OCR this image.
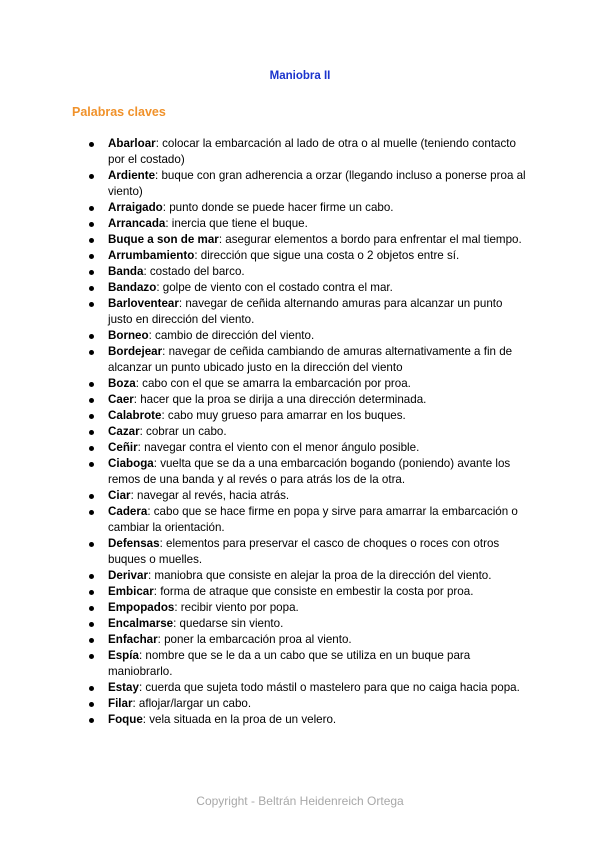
Maniobra II
Palabras claves
Abarloar: colocar la embarcación al lado de otra o al muelle (teniendo contacto por el costado)
Ardiente: buque con gran adherencia a orzar (llegando incluso a ponerse proa al viento)
Arraigado: punto donde se puede hacer firme un cabo.
Arrancada: inercia que tiene el buque.
Buque a son de mar: asegurar elementos a bordo para enfrentar el mal tiempo.
Arrumbamiento: dirección que sigue una costa o 2 objetos entre sí.
Banda: costado del barco.
Bandazo: golpe de viento con el costado contra el mar.
Barloventear: navegar de ceñida alternando amuras para alcanzar un punto justo en dirección del viento.
Borneo: cambio de dirección del viento.
Bordejear: navegar de ceñida cambiando de amuras alternativamente a fin de alcanzar un punto ubicado justo en la dirección del viento
Boza: cabo con el que se amarra la embarcación por proa.
Caer: hacer que la proa se dirija a una dirección determinada.
Calabrote: cabo muy grueso para amarrar en los buques.
Cazar: cobrar un cabo.
Ceñir: navegar contra el viento con el menor ángulo posible.
Ciaboga: vuelta que se da a una embarcación bogando (poniendo) avante los remos de una banda y al revés o para atrás los de la otra.
Ciar: navegar al revés, hacia atrás.
Cadera: cabo que se hace firme en popa y sirve para amarrar la embarcación o cambiar la orientación.
Defensas: elementos para preservar el casco de choques o roces con otros buques o muelles.
Derivar: maniobra que consiste en alejar la proa de la dirección del viento.
Embicar: forma de atraque que consiste en embestir la costa por proa.
Empopados: recibir viento por popa.
Encalmarse: quedarse sin viento.
Enfachar: poner la embarcación proa al viento.
Espía: nombre que se le da a un cabo que se utiliza en un buque para maniobrarlo.
Estay: cuerda que sujeta todo mástil o mastelero para que no caiga hacia popa.
Filar: aflojar/largar un cabo.
Foque: vela situada en la proa de un velero.
Copyright - Beltrán Heidenreich Ortega
